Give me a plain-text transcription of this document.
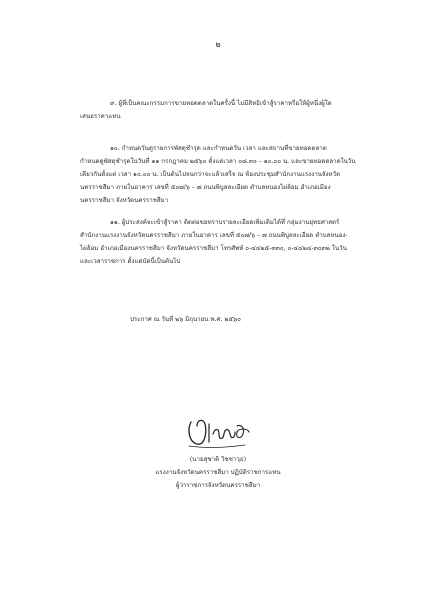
๒
๙. ผู้ที่เป็นคณะกรรมการขายทอดตลาดในครั้งนี้ ไม่มีสิทธิเข้าสู้ราคาหรือให้ผู้หนึ่งผู้ใด
เสนอราคาแทน
๑๐. กำหนดวันดูรายการพัสดุชำรุด และกำหนดวัน เวลา และสถานที่ขายทอดตลาด
กำหนดดูพัสดุชำรุดในวันที่ ๑๑ กรกฎาคม ๒๕๖๐ ตั้งแต่เวลา ๐๘.๓๐ – ๑๐.๐๐ น. และขายทอดตลาดในวัน
เดียวกันตั้งแต่ เวลา ๑๐.๐๐ น. เป็นต้นไปจนกว่าจะแล้วเสร็จ ณ ห้องประชุมสำนักงานแรงงานจังหวัด
นครราชสีมา ภายในอาคาร เลขที่ ๕๐๗/๖ – ๗ ถนนพิบูลละเอียด ตำบลหนองไผ่ล้อม อำเภอเมือง
นครราชสีมา จังหวัดนครราชสีมา
๑๑. ผู้ประสงค์จะเข้าสู้ราคา ติดต่อขอทราบรายละเอียดเพิ่มเติมได้ที่ กลุ่มงานยุทธศาสตร์
สำนักงานแรงงานจังหวัดนครราชสีมา ภายในอาคาร เลขที่ ๕๐๗/๖ – ๗ ถนนพิบูลละเอียด ตำบลหนอง-
ไผ่ล้อม อำเภอเมืองนครราชสีมา จังหวัดนครราชสีมา โทรศัพท์ ๐-๔๔๒๕-๓๓๐, ๐-๔๔๒๔-๓๐๓๒ ในวัน
และเวลาราชการ ตั้งแต่บัดนี้เป็นต้นไป
ประกาศ ณ วันที่ ๒๖ มิถุนายน พ.ศ. ๒๕๖๐
(นายสุชาติ วิชชาวุธ)
แรงงานจังหวัดนครราชสีมา ปฏิบัติราชการแทน
ผู้ว่าราชการจังหวัดนครราชสีมา
